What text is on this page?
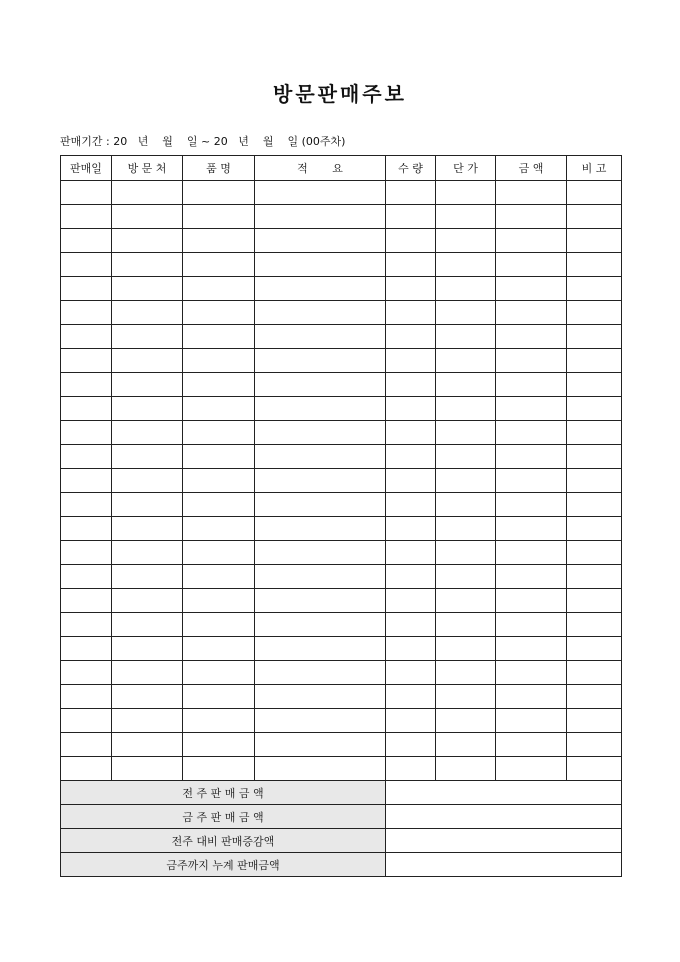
방문판매주보
판매기간 : 20   년    월    일 ~ 20   년    월    일 (00주차)
판매일	방 문 처	품 명	적       요	수 량	단 가	금 액	비 고

전 주 판 매 금 액							
금 주 판 매 금 액							
전주 대비 판매증감액							
금주까지 누계 판매금액							
